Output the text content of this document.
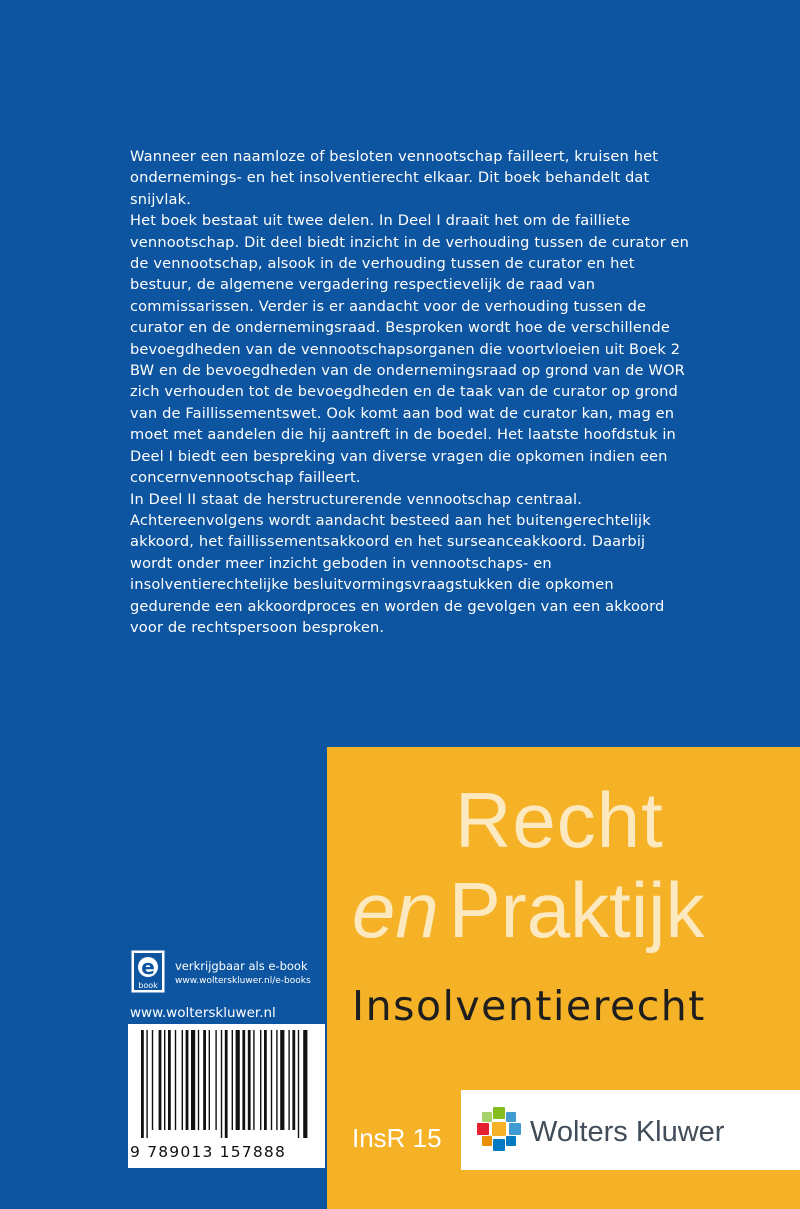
Wanneer een naamloze of besloten vennootschap failleert, kruisen het ondernemings- en het insolventierecht elkaar. Dit boek behandelt dat snijvlak.

Het boek bestaat uit twee delen. In Deel I draait het om de failliete vennootschap. Dit deel biedt inzicht in de verhouding tussen de curator en de vennootschap, alsook in de verhouding tussen de curator en het bestuur, de algemene vergadering respectievelijk de raad van commissarissen. Verder is er aandacht voor de verhouding tussen de curator en de ondernemingsraad. Besproken wordt hoe de verschillende bevoegdheden van de vennootschapsorganen die voortvloeien uit Boek 2 BW en de bevoegdheden van de ondernemingsraad op grond van de WOR zich verhouden tot de bevoegdheden en de taak van de curator op grond van de Faillissementswet. Ook komt aan bod wat de curator kan, mag en moet met aandelen die hij aantreft in de boedel. Het laatste hoofdstuk in Deel I biedt een bespreking van diverse vragen die opkomen indien een concernvennootschap failleert.

In Deel II staat de herstructurerende vennootschap centraal. Achtereenvolgens wordt aandacht besteed aan het buitengerechtelijk akkoord, het faillissementsakkoord en het surseanceakkoord. Daarbij wordt onder meer inzicht geboden in vennootschaps- en insolventierechtelijke besluitvormingsvraagstukken die opkomen gedurende een akkoordproces en worden de gevolgen van een akkoord voor de rechtspersoon besproken.

Recht
en Praktijk
Insolventierecht
InsR 15	Wolters Kluwer
e
book
verkrijgbaar als e-book
www.wolterskluwer.nl/e-books
www.wolterskluwer.nl
9 789013 157888
